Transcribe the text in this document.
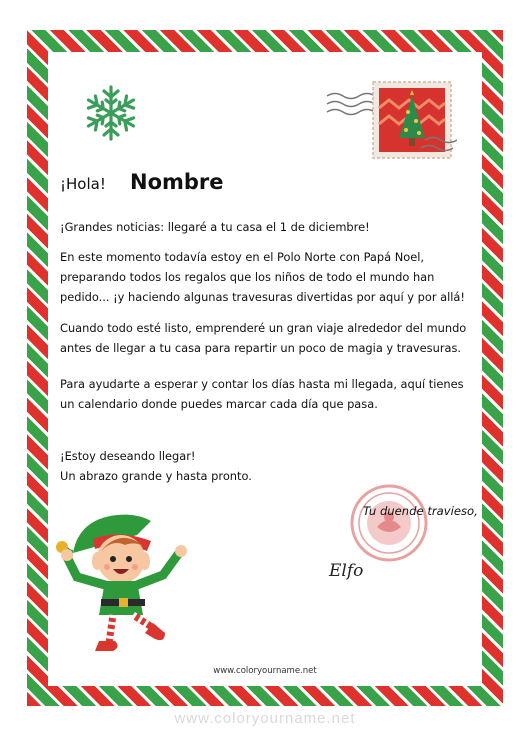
¡Hola! Nombre

¡Grandes noticias: llegaré a tu casa el 1 de diciembre!

En este momento todavía estoy en el Polo Norte con Papá Noel, preparando todos los regalos que los niños de todo el mundo han pedido... ¡y haciendo algunas travesuras divertidas por aquí y por allá!

Cuando todo esté listo, emprenderé un gran viaje alrededor del mundo antes de llegar a tu casa para repartir un poco de magia y travesuras.

Para ayudarte a esperar y contar los días hasta mi llegada, aquí tienes un calendario donde puedes marcar cada día que pasa.

¡Estoy deseando llegar!
Un abrazo grande y hasta pronto.
Tu duende travieso,
Elfo
www.coloryourname.net
www.coloryourname.net
